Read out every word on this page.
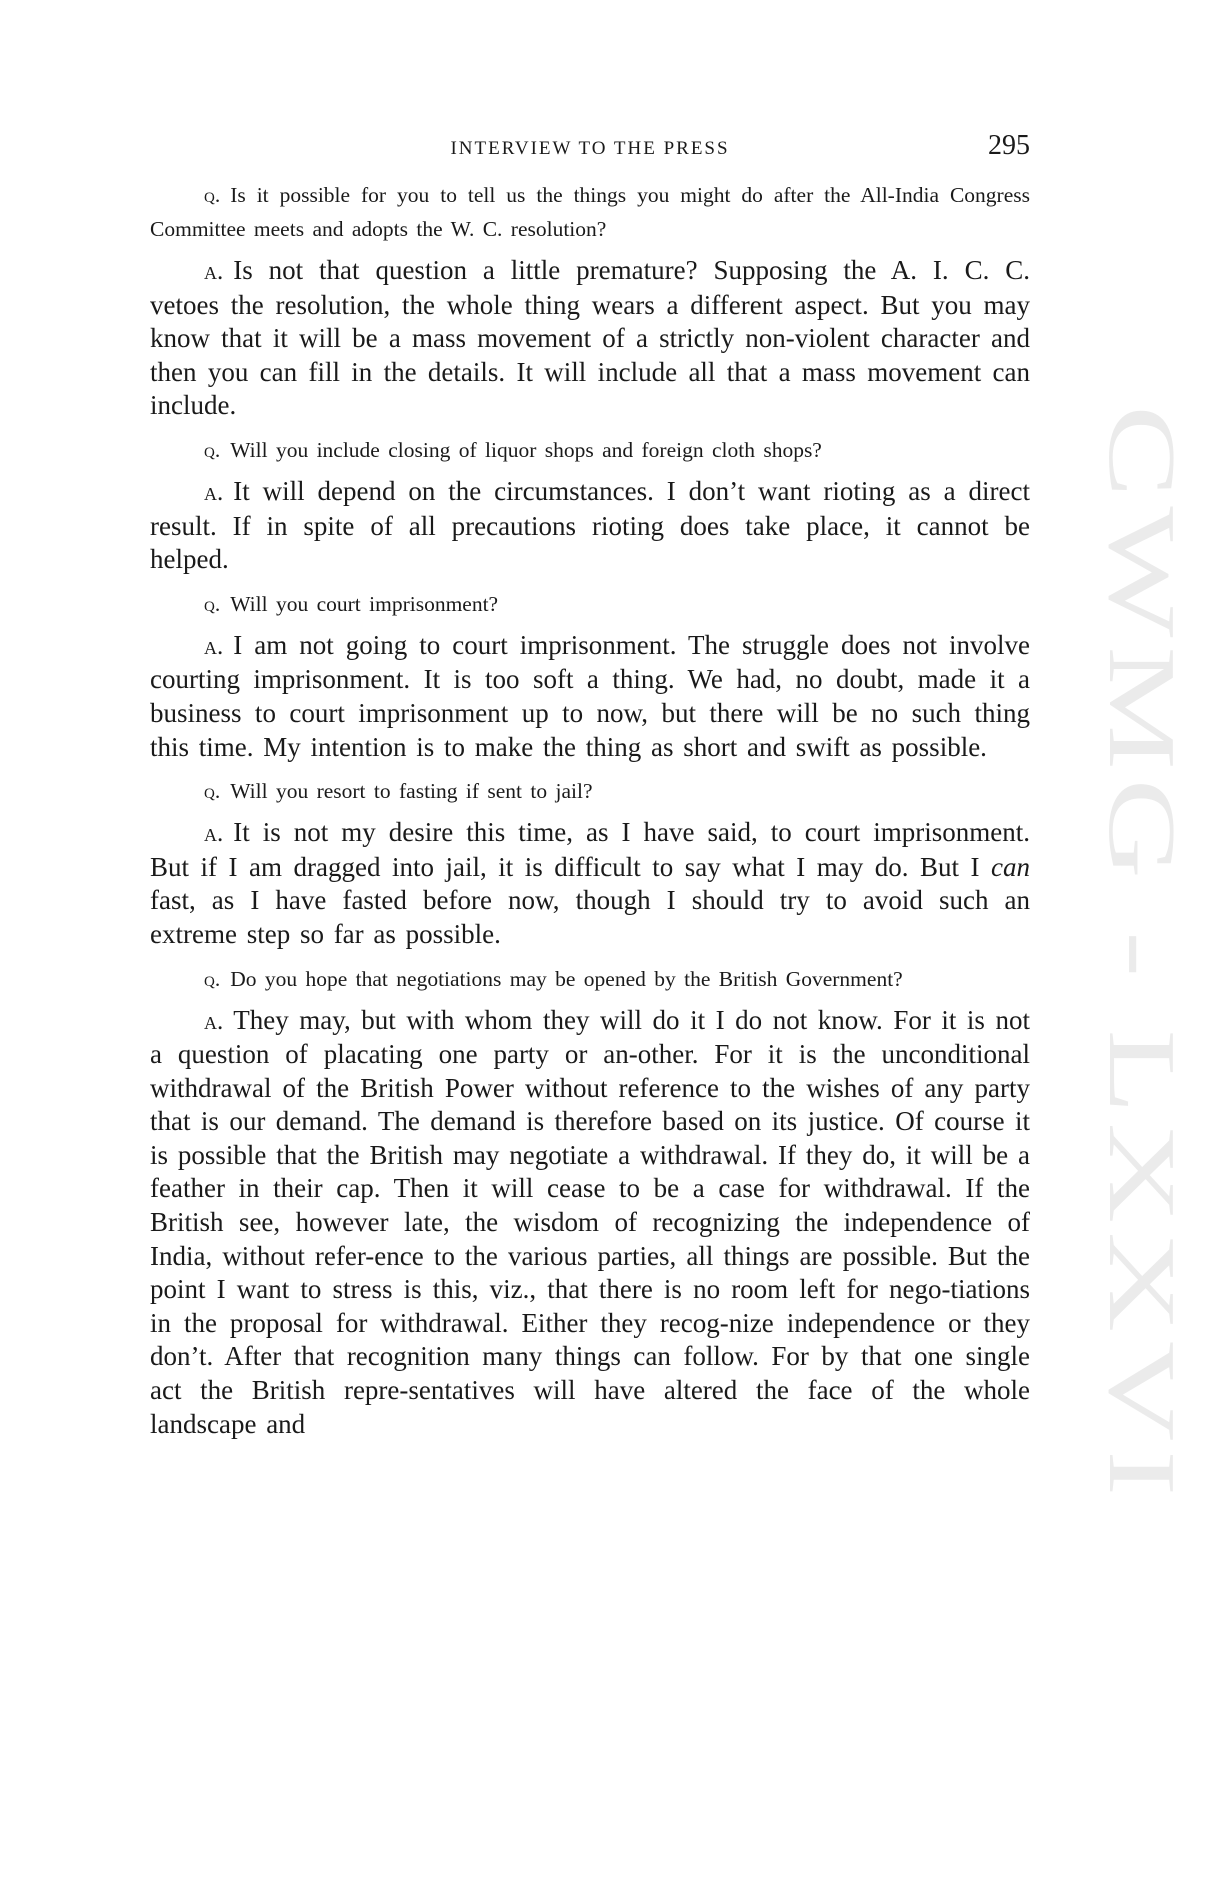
CWMG - LXXVI
INTERVIEW TO THE PRESS	295

q. Is it possible for you to tell us the things you might do after the All-India Congress Committee meets and adopts the W. C. resolution?

a. Is not that question a little premature? Supposing the A. I. C. C. vetoes the resolution, the whole thing wears a different aspect. But you may know that it will be a mass movement of a strictly non-violent character and then you can fill in the details. It will include all that a mass movement can include.

q. Will you include closing of liquor shops and foreign cloth shops?

a. It will depend on the circumstances. I don’t want rioting as a direct result. If in spite of all precautions rioting does take place, it cannot be helped.

q. Will you court imprisonment?

a. I am not going to court imprisonment. The struggle does not involve courting imprisonment. It is too soft a thing. We had, no doubt, made it a business to court imprisonment up to now, but there will be no such thing this time. My intention is to make the thing as short and swift as possible.

q. Will you resort to fasting if sent to jail?

a. It is not my desire this time, as I have said, to court imprisonment. But if I am dragged into jail, it is difficult to say what I may do. But I can fast, as I have fasted before now, though I should try to avoid such an extreme step so far as possible.

q. Do you hope that negotiations may be opened by the British Government?

a. They may, but with whom they will do it I do not know. For it is not a question of placating one party or an-other. For it is the unconditional withdrawal of the British Power without reference to the wishes of any party that is our demand. The demand is therefore based on its justice. Of course it is possible that the British may negotiate a withdrawal. If they do, it will be a feather in their cap. Then it will cease to be a case for withdrawal. If the British see, however late, the wisdom of recognizing the independence of India, without refer-ence to the various parties, all things are possible. But the point I want to stress is this, viz., that there is no room left for nego-tiations in the proposal for withdrawal. Either they recog-nize independence or they don’t. After that recognition many things can follow. For by that one single act the British repre-sentatives will have altered the face of the whole landscape and
